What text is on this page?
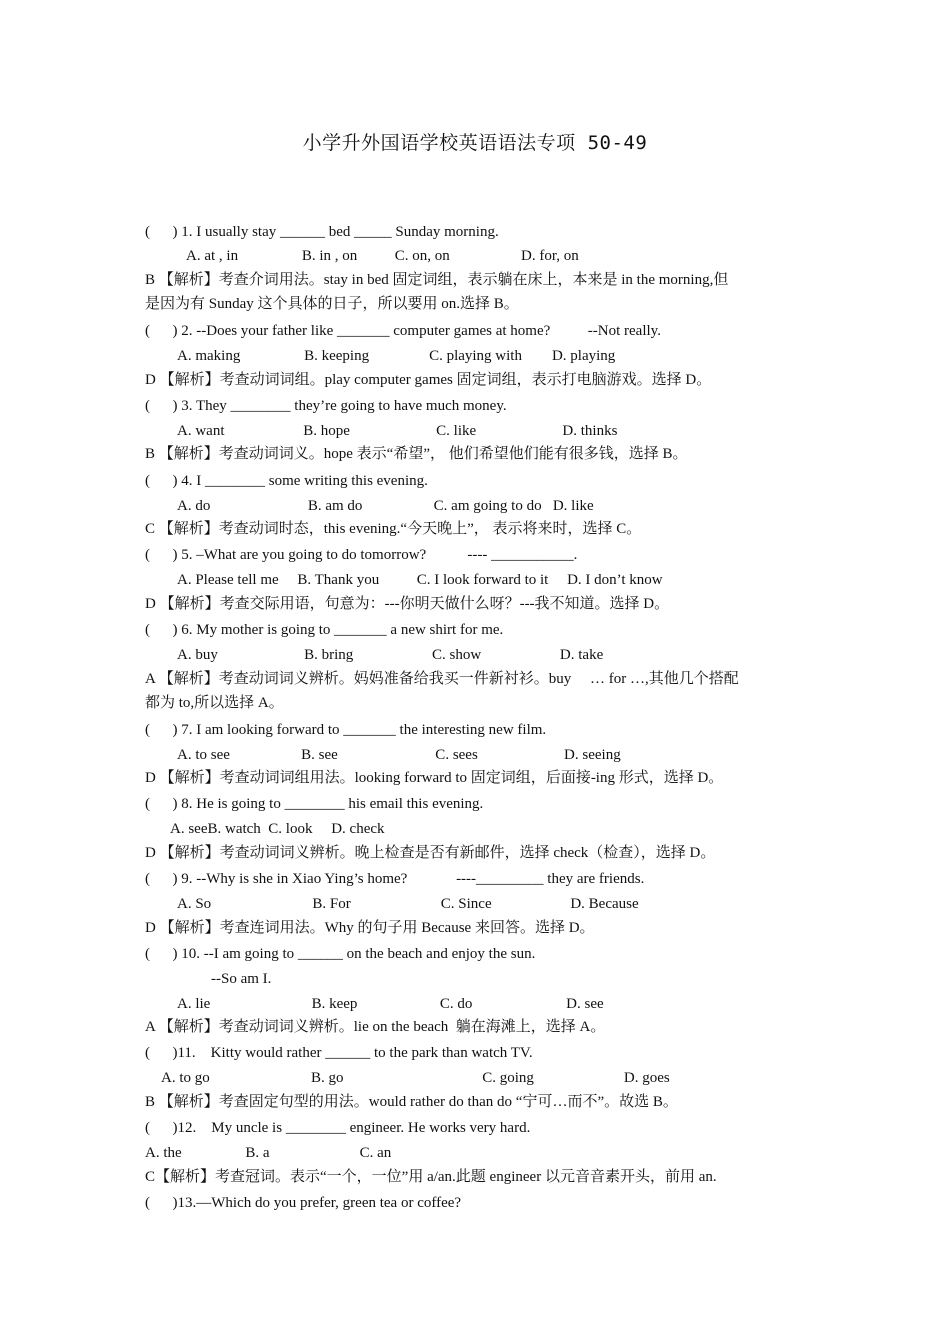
小学升外国语学校英语语法专项 50-49
(      ) 1. I usually stay ______ bed _____ Sunday morning.
A. at , in                 B. in , on          C. on, on                   D. for, on
B 【解析】考查介词用法。stay in bed 固定词组，表示躺在床上，本来是 in the morning,但
是因为有 Sunday 这个具体的日子，所以要用 on.选择 B。
(      ) 2. --Does your father like _______ computer games at home?          --Not really.
A. making                 B. keeping                C. playing with        D. playing
D 【解析】考查动词词组。play computer games 固定词组，表示打电脑游戏。选择 D。
(      ) 3. They ________ they’re going to have much money.
A. want                     B. hope                       C. like                       D. thinks
B 【解析】考查动词词义。hope 表示“希望”， 他们希望他们能有很多钱，选择 B。
(      ) 4. I ________ some writing this evening.
A. do                          B. am do                   C. am going to do   D. like
C 【解析】考查动词时态，this evening.“今天晚上”， 表示将来时，选择 C。
(      ) 5. –What are you going to do tomorrow?           ---- ___________.
A. Please tell me     B. Thank you          C. I look forward to it     D. I don’t know
D 【解析】考查交际用语，句意为：---你明天做什么呀？---我不知道。选择 D。
(      ) 6. My mother is going to _______ a new shirt for me.
A. buy                       B. bring                     C. show                     D. take
A 【解析】考查动词词义辨析。妈妈准备给我买一件新衬衫。buy     … for …,其他几个搭配
都为 to,所以选择 A。
(      ) 7. I am looking forward to _______ the interesting new film.
A. to see                   B. see                          C. sees                       D. seeing
D 【解析】考查动词词组用法。looking forward to 固定词组，后面接-ing 形式，选择 D。
(      ) 8. He is going to ________ his email this evening.
A. seeB. watch  C. look     D. check
D 【解析】考查动词词义辨析。晚上检查是否有新邮件，选择 check（检查），选择 D。
(      ) 9. --Why is she in Xiao Ying’s home?             ----_________ they are friends.
A. So                           B. For                        C. Since                     D. Because
D 【解析】考查连词用法。Why 的句子用 Because 来回答。选择 D。
(      ) 10. --I am going to ______ on the beach and enjoy the sun.
--So am I.
A. lie                           B. keep                      C. do                         D. see
A 【解析】考查动词词义辨析。lie on the beach  躺在海滩上，选择 A。
(      )11.    Kitty would rather ______ to the park than watch TV.
A. to go                           B. go                                     C. going                        D. goes
B 【解析】考查固定句型的用法。would rather do than do “宁可…而不”。故选 B。
(      )12.    My uncle is ________ engineer. He works very hard.
A. the                 B. a                        C. an
C【解析】考查冠词。表示“一个，一位”用 a/an.此题 engineer 以元音音素开头，前用 an.
(      )13.—Which do you prefer, green tea or coffee?
